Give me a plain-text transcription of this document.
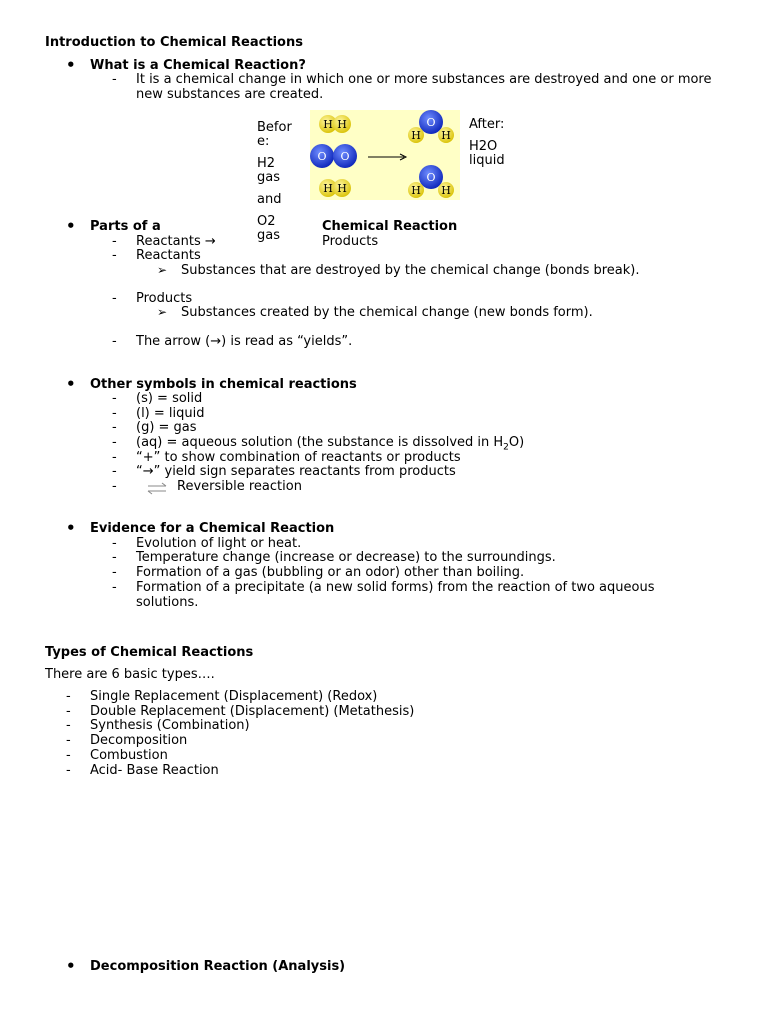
Introduction to Chemical Reactions
• What is a Chemical Reaction?
- It is a chemical change in which one or more substances are destroyed and one or more new substances are created.
Befor
e:
H2
gas
and
O2
gas
After:
H2O
liquid
H H
O O
H H
O
H H
O
H H
• Parts of a	Chemical Reaction
Products
- Reactants →
- Reactants
➢ Substances that are destroyed by the chemical change (bonds break).
- Products
➢ Substances created by the chemical change (new bonds form).
- The arrow (→) is read as “yields”.
• Other symbols in chemical reactions
- (s) = solid
- (l) = liquid
- (g) = gas
- (aq) = aqueous solution (the substance is dissolved in $H_2O$)
- “+” to show combination of reactants or products
- “→” yield sign separates reactants from products
⇌ Reversible reaction
• Evidence for a Chemical Reaction
- Evolution of light or heat.
- Temperature change (increase or decrease) to the surroundings.
- Formation of a gas (bubbling or an odor) other than boiling.
- Formation of a precipitate (a new solid forms) from the reaction of two aqueous solutions.
Types of Chemical Reactions
There are 6 basic types….
- Single Replacement (Displacement) (Redox)
- Double Replacement (Displacement) (Metathesis)
- Synthesis (Combination)
- Decomposition
- Combustion
- Acid- Base Reaction
• Decomposition Reaction (Analysis)
